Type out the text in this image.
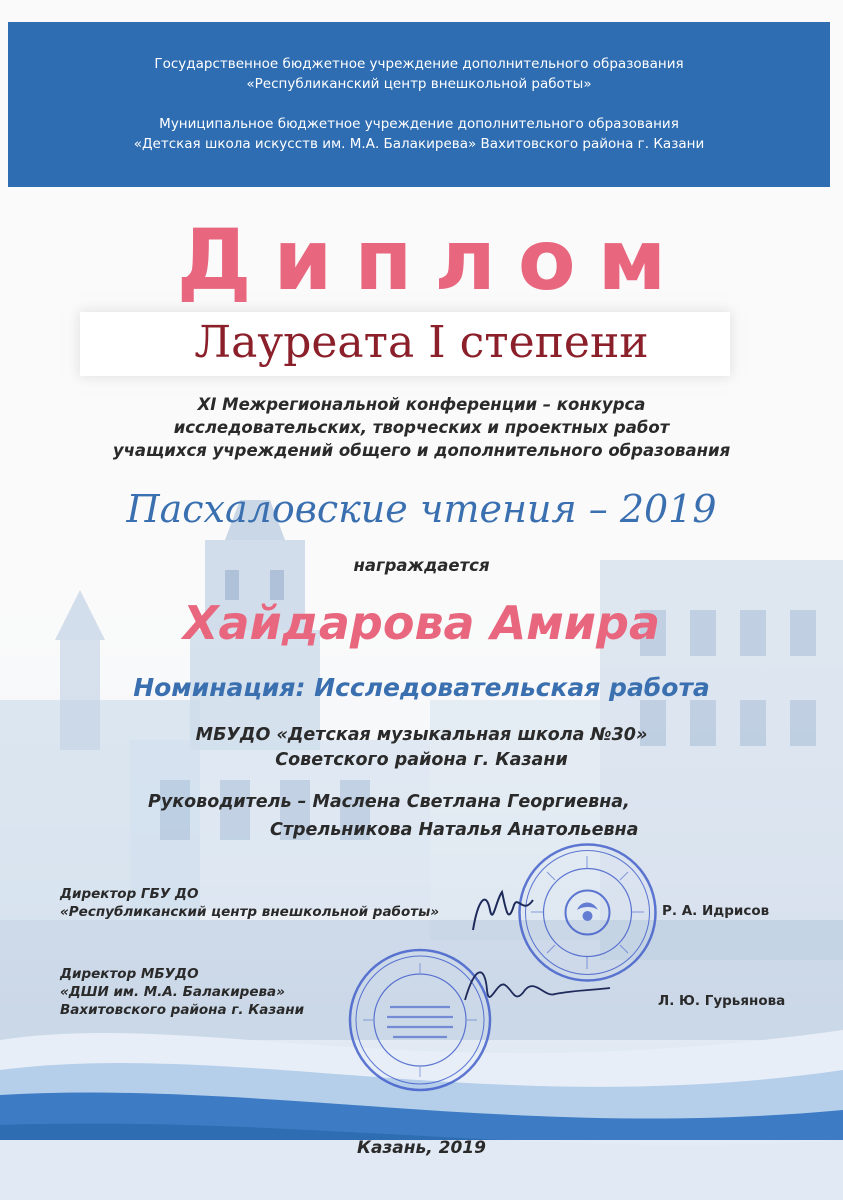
Государственное бюджетное учреждение дополнительного образования
«Республиканский центр внешкольной работы»
Муниципальное бюджетное учреждение дополнительного образования
«Детская школа искусств им. М.А. Балакирева» Вахитовского района г. Казани
Диплом
Лауреата I степени
XI Межрегиональной конференции – конкурса
исследовательских, творческих и проектных работ
учащихся учреждений общего и дополнительного образования
Пасхаловские чтения – 2019
награждается
Хайдарова Амира
Номинация: Исследовательская работа
МБУДО «Детская музыкальная школа №30»
Советского района г. Казани
Руководитель – Маслена Светлана Георгиевна,
Стрельникова Наталья Анатольевна
Директор ГБУ ДО
«Республиканский центр внешкольной работы»	Р. А. Идрисов
Директор МБУДО
«ДШИ им. М.А. Балакирева»
Вахитовского района г. Казани
Л. Ю. Гурьянова
Казань, 2019
